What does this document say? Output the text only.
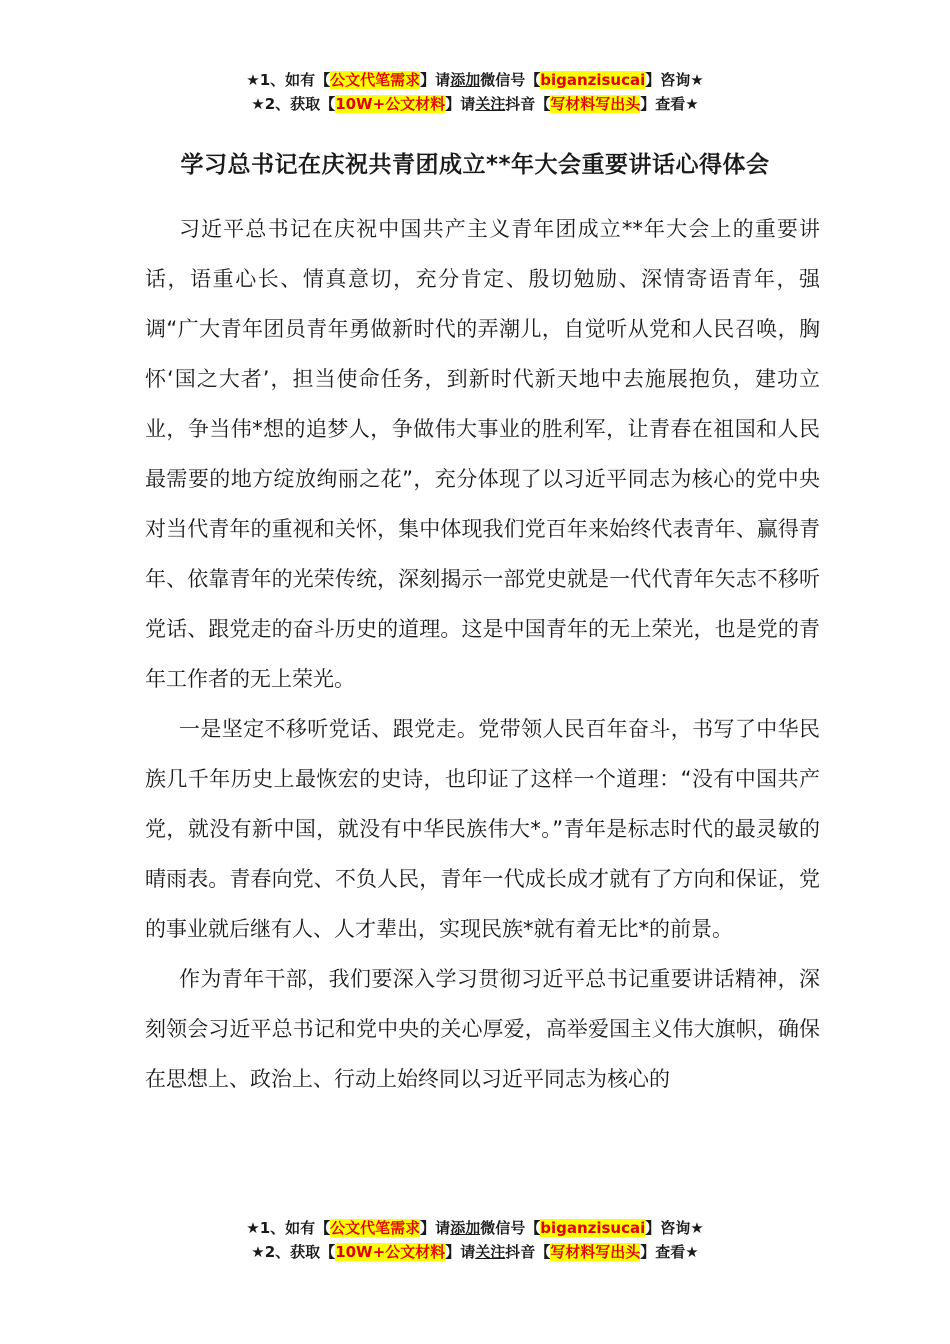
★1、如有【公文代笔需求】请添加微信号【biganzisucai】咨询★
★2、获取【10W+公文材料】请关注抖音【写材料写出头】查看★
学习总书记在庆祝共青团成立**年大会重要讲话心得体会

习近平总书记在庆祝中国共产主义青年团成立**年大会上的重要讲话，语重心长、情真意切，充分肯定、殷切勉励、深情寄语青年，强调“广大青年团员青年勇做新时代的弄潮儿，自觉听从党和人民召唤，胸怀‘国之大者’，担当使命任务，到新时代新天地中去施展抱负，建功立业，争当伟*想的追梦人，争做伟大事业的胜利军，让青春在祖国和人民最需要的地方绽放绚丽之花”，充分体现了以习近平同志为核心的党中央对当代青年的重视和关怀，集中体现我们党百年来始终代表青年、赢得青年、依靠青年的光荣传统，深刻揭示一部党史就是一代代青年矢志不移听党话、跟党走的奋斗历史的道理。这是中国青年的无上荣光，也是党的青年工作者的无上荣光。

一是坚定不移听党话、跟党走。党带领人民百年奋斗，书写了中华民族几千年历史上最恢宏的史诗，也印证了这样一个道理：“没有中国共产党，就没有新中国，就没有中华民族伟大*。”青年是标志时代的最灵敏的晴雨表。青春向党、不负人民，青年一代成长成才就有了方向和保证，党的事业就后继有人、人才辈出，实现民族*就有着无比*的前景。

作为青年干部，我们要深入学习贯彻习近平总书记重要讲话精神，深刻领会习近平总书记和党中央的关心厚爱，高举爱国主义伟大旗帜，确保在思想上、政治上、行动上始终同以习近平同志为核心的

★1、如有【公文代笔需求】请添加微信号【biganzisucai】咨询★
★2、获取【10W+公文材料】请关注抖音【写材料写出头】查看★
